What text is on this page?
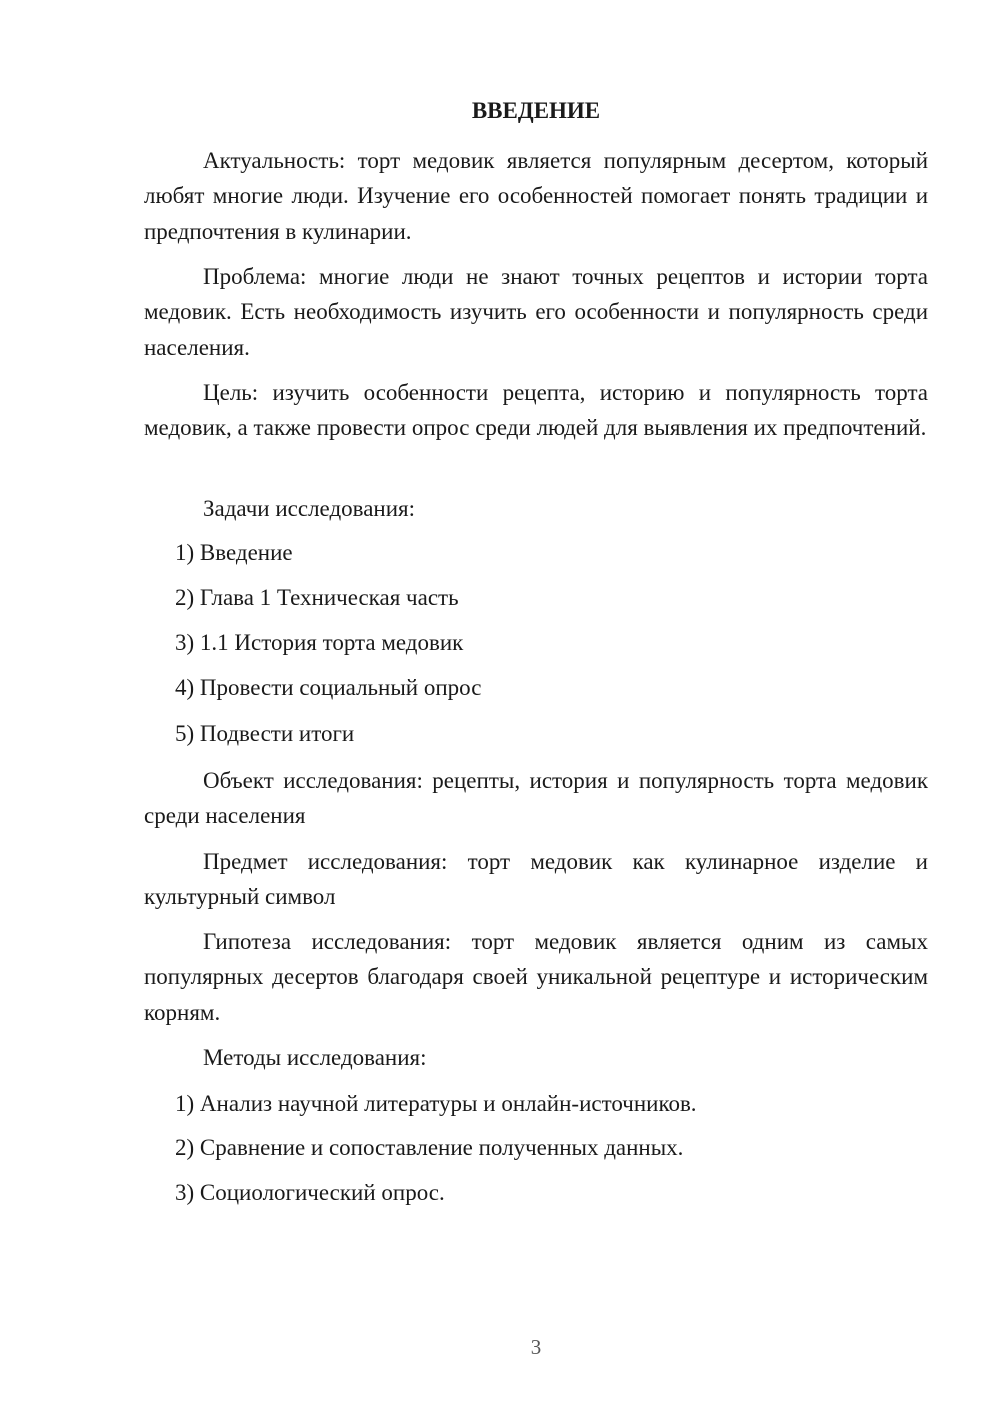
ВВЕДЕНИЕ

Актуальность: торт медовик является популярным десертом, который любят многие люди. Изучение его особенностей помогает понять традиции и предпочтения в кулинарии.

Проблема: многие люди не знают точных рецептов и истории торта медовик. Есть необходимость изучить его особенности и популярность среди населения.

Цель: изучить особенности рецепта, историю и популярность торта медовик, а также провести опрос среди людей для выявления их предпочтений.

Задачи исследования:

1) Введение

2) Глава 1 Техническая часть

3) 1.1 История торта медовик

4) Провести социальный опрос

5) Подвести итоги

Объект исследования: рецепты, история и популярность торта медовик среди населения

Предмет исследования: торт медовик как кулинарное изделие и культурный символ

Гипотеза исследования: торт медовик является одним из самых популярных десертов благодаря своей уникальной рецептуре и историческим корням.

Методы исследования:

1) Анализ научной литературы и онлайн-источников.

2) Сравнение и сопоставление полученных данных.

3) Социологический опрос.

3
